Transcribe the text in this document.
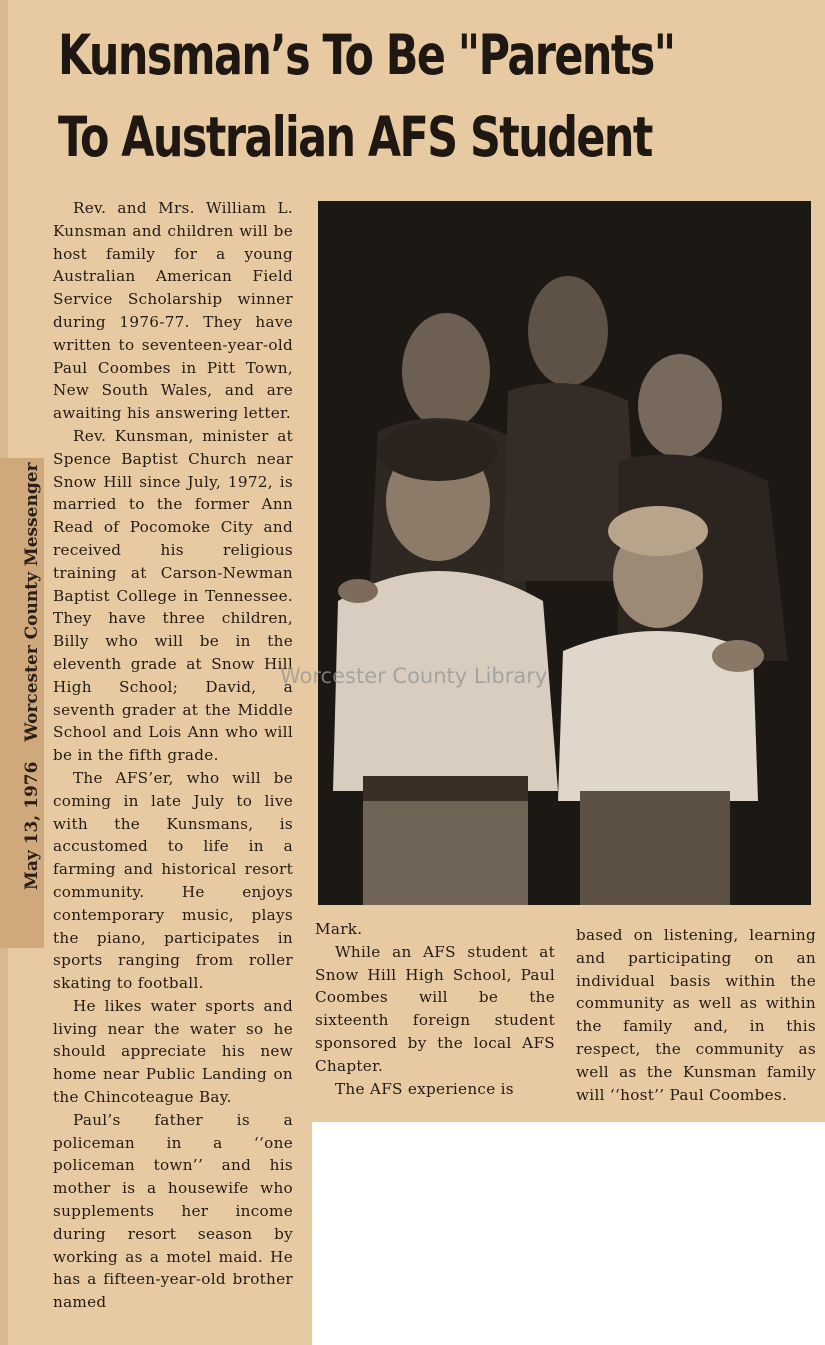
Kunsman’s To Be "Parents"
To Australian AFS Student
May 13, 1976 Worcester County Messenger

Rev. and Mrs. William L. Kunsman and children will be host family for a young Australian American Field Service Scholarship winner during 1976-77. They have written to seventeen-year-old Paul Coombes in Pitt Town, New South Wales, and are awaiting his answering letter.

Rev. Kunsman, minister at Spence Baptist Church near Snow Hill since July, 1972, is married to the former Ann Read of Pocomoke City and received his religious training at Carson-Newman Baptist College in Tennessee. They have three children, Billy who will be in the eleventh grade at Snow Hill High School; David, a seventh grader at the Middle School and Lois Ann who will be in the fifth grade.

The AFS’er, who will be coming in late July to live with the Kunsmans, is accustomed to life in a farming and historical resort community. He enjoys contemporary music, plays the piano, participates in sports ranging from roller skating to football.

He likes water sports and living near the water so he should appreciate his new home near Public Landing on the Chincoteague Bay.

Paul’s father is a policeman in a ‘‘one policeman town’’ and his mother is a housewife who supplements her income during resort season by working as a motel maid. He has a fifteen-year-old brother named

Worcester County Library

Mark.

While an AFS student at Snow Hill High School, Paul Coombes will be the sixteenth foreign student sponsored by the local AFS Chapter.

The AFS experience is

based on listening, learning and participating on an individual basis within the community as well as within the family and, in this respect, the community as well as the Kunsman family will ‘‘host’’ Paul Coombes.
